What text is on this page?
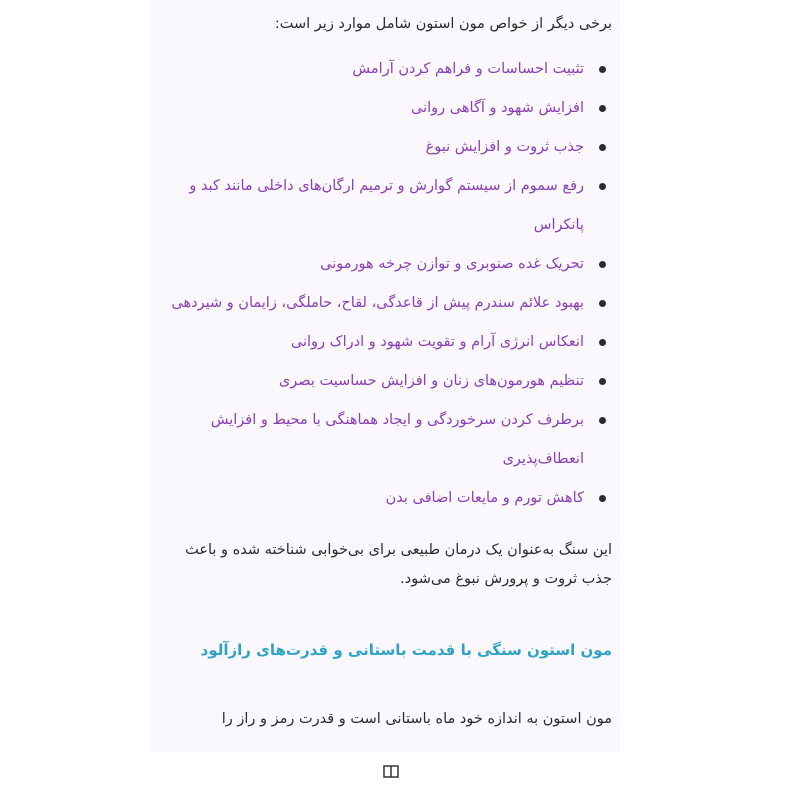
برخی دیگر از خواص مون استون شامل موارد زیر است:
تثبیت احساسات و فراهم کردن آرامش
افزایش شهود و آگاهی روانی
جذب ثروت و افزایش نبوغ
رفع سموم از سیستم گوارش و ترمیم ارگان‌های داخلی مانند کبد و پانکراس
تحریک غده صنوبری و توازن چرخه هورمونی
بهبود علائم سندرم پیش از قاعدگی، لقاح، حاملگی، زایمان و شیردهی
انعکاس انرژی آرام و تقویت شهود و ادراک روانی
تنظیم هورمون‌های زنان و افزایش حساسیت بصری
برطرف کردن سرخوردگی و ایجاد هماهنگی با محیط و افزایش انعطاف‌پذیری
کاهش تورم و مایعات اضافی بدن

این سنگ به‌عنوان یک درمان طبیعی برای بی‌خوابی شناخته شده و باعث جذب ثروت و پرورش نبوغ می‌شود.

مون استون سنگی با قدمت باستانی و قدرت‌های رازآلود

مون استون به اندازه خود ماه باستانی است و قدرت رمز و راز را
